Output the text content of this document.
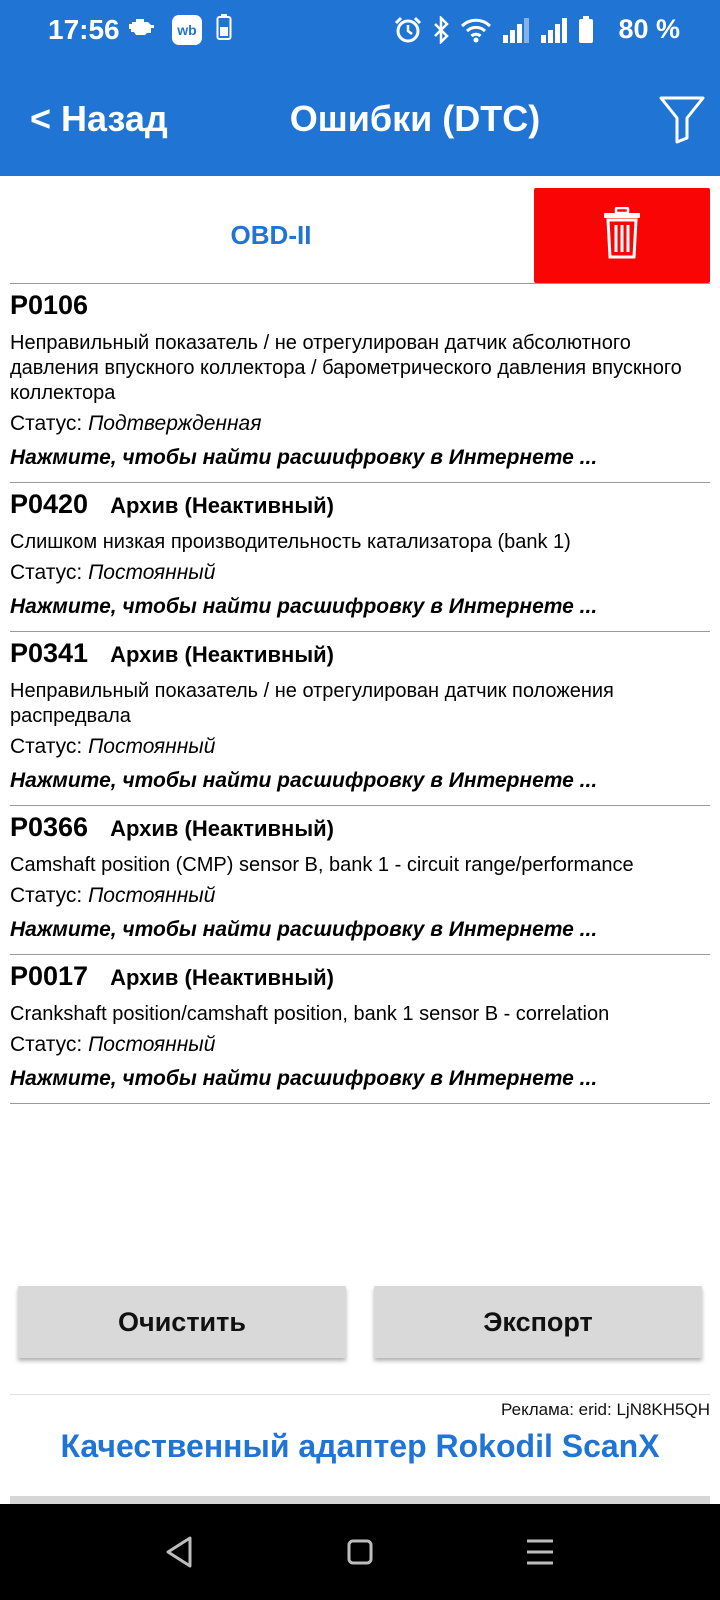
17:56	wb	80 %
< Назад	Ошибки (DTC)
OBD-II
P0106
Неправильный показатель / не отрегулирован датчик абсолютного давления впускного коллектора / барометрического давления впускного коллектора
Статус: Подтвержденная
Нажмите, чтобы найти расшифровку в Интернете ...
P0420 Архив (Неактивный)
Слишком низкая производительность катализатора (bank 1)
Статус: Постоянный
Нажмите, чтобы найти расшифровку в Интернете ...
P0341 Архив (Неактивный)
Неправильный показатель / не отрегулирован датчик положения распредвала
Статус: Постоянный
Нажмите, чтобы найти расшифровку в Интернете ...
P0366 Архив (Неактивный)
Camshaft position (CMP) sensor B, bank 1 - circuit range/performance
Статус: Постоянный
Нажмите, чтобы найти расшифровку в Интернете ...
P0017 Архив (Неактивный)
Crankshaft position/camshaft position, bank 1 sensor B - correlation
Статус: Постоянный
Нажмите, чтобы найти расшифровку в Интернете ...
Очистить	Экспорт
Реклама: erid: LjN8KH5QH
Качественный адаптер Rokodil ScanX
